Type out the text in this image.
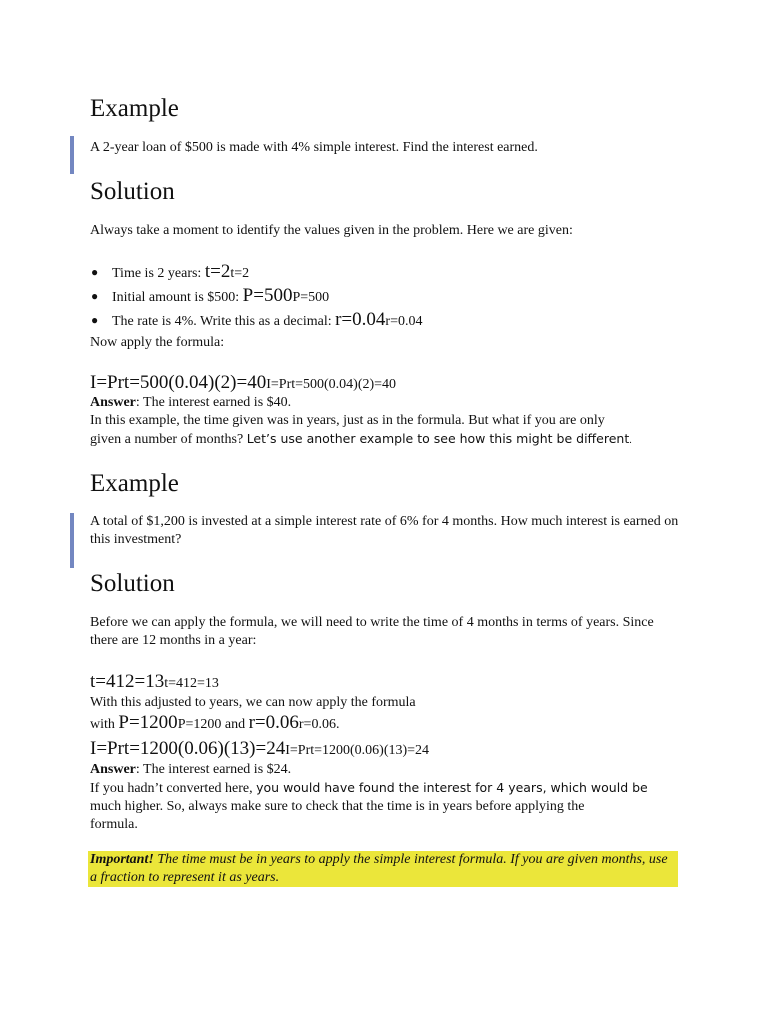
Example
A 2-year loan of $500 is made with 4% simple interest. Find the interest earned.
Solution
Always take a moment to identify the values given in the problem. Here we are given:
● Time is 2 years: t=2t=2
● Initial amount is $500: P=500P=500
● The rate is 4%. Write this as a decimal: r=0.04r=0.04
Now apply the formula:
I=Prt=500(0.04)(2)=40I=Prt=500(0.04)(2)=40
Answer: The interest earned is $40.
In this example, the time given was in years, just as in the formula. But what if you are only
given a number of months? Let’s use another example to see how this might be different.
Example
A total of $1,200 is invested at a simple interest rate of 6% for 4 months. How much interest is earned on this investment?
Solution
Before we can apply the formula, we will need to write the time of 4 months in terms of years. Since there are 12 months in a year:
t=412=13t=412=13
With this adjusted to years, we can now apply the formula
with P=1200P=1200 and r=0.06r=0.06.
I=Prt=1200(0.06)(13)=24I=Prt=1200(0.06)(13)=24
Answer: The interest earned is $24.
If you hadn’t converted here, you would have found the interest for 4 years, which would be
much higher. So, always make sure to check that the time is in years before applying the
formula.
Important! The time must be in years to apply the simple interest formula. If you are given months, use a fraction to represent it as years.
